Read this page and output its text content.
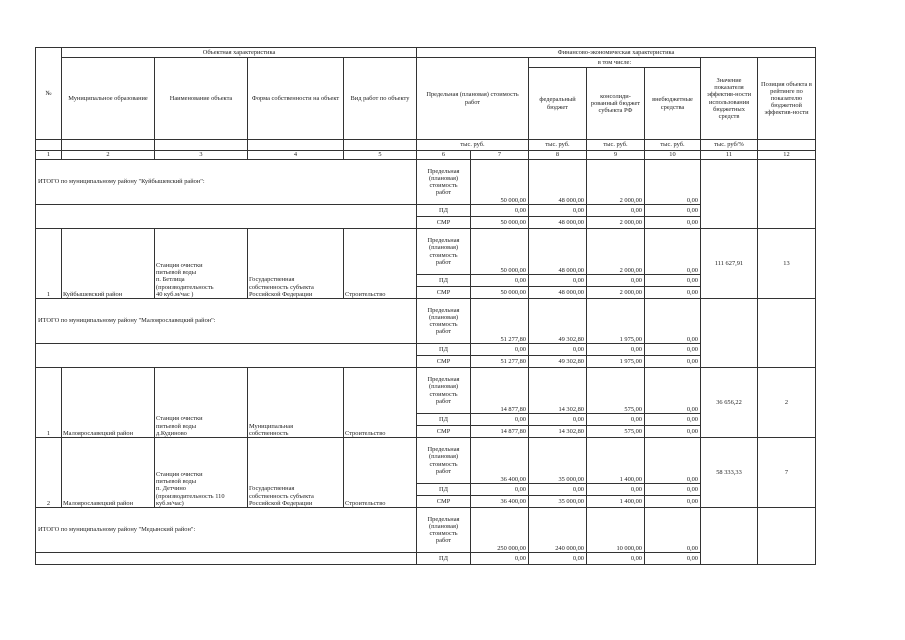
№	Объектная характеристика				Финансово-экономическая характеристика						
	Муниципальное образование	Наименование объекта	Форма собственности на объект	Вид работ по объекту	Предельная (плановая) стоимость работ		в том числе:			Значение показателя эффектив-ности использования бюджетных средств	Позиция объекта в рейтинге по показателю бюджетной эффектив-ности
							федеральный бюджет	консолиди-рованный бюджет субъекта РФ	внебюджетные средства		
					тыс. руб.		тыс. руб.	тыс. руб.	тыс. руб.	тыс. руб/%	
1	2	3	4	5	6	7	8	9	10	11	12
ИТОГО по муниципальному району "Куйбышевский район":					Предельная
(плановая)
стоимость
работ	50 000,00	48 000,00	2 000,00	0,00		
					ПД	0,00	0,00	0,00	0,00		
					СМР	50 000,00	48 000,00	2 000,00	0,00		
1	Куйбышевский район	Станция очистки
питьевой воды
п. Бетлица
(производительность
40 куб.м/час )	Государственная
собственность субъекта
Российской Федерации	Строительство	Предельная
(плановая)
стоимость
работ	50 000,00	48 000,00	2 000,00	0,00	111 627,91	13
					ПД	0,00	0,00	0,00	0,00		
					СМР	50 000,00	48 000,00	2 000,00	0,00		
ИТОГО по муниципальному району "Малоярославецкий район":					Предельная
(плановая)
стоимость
работ	51 277,80	49 302,80	1 975,00	0,00		
					ПД	0,00	0,00	0,00	0,00		
					СМР	51 277,80	49 302,80	1 975,00	0,00		
1	Малоярославецкий район	Станция очистки
питьевой воды
д.Кудиново	Муниципальная
собственность	Строительство	Предельная
(плановая)
стоимость
работ	14 877,80	14 302,80	575,00	0,00	36 656,22	2
					ПД	0,00	0,00	0,00	0,00		
					СМР	14 877,80	14 302,80	575,00	0,00		
2	Малоярославецкий район	Станция очистки
питьевой воды
п. Детчино
(производительность 110
куб.м/час)	Государственная
собственность субъекта
Российской Федерации	Строительство	Предельная
(плановая)
стоимость
работ	36 400,00	35 000,00	1 400,00	0,00	58 333,33	7
					ПД	0,00	0,00	0,00	0,00		
					СМР	36 400,00	35 000,00	1 400,00	0,00		
ИТОГО по муниципальному району "Медынский район":					Предельная
(плановая)
стоимость
работ	250 000,00	240 000,00	10 000,00	0,00		
					ПД	0,00	0,00	0,00	0,00		
